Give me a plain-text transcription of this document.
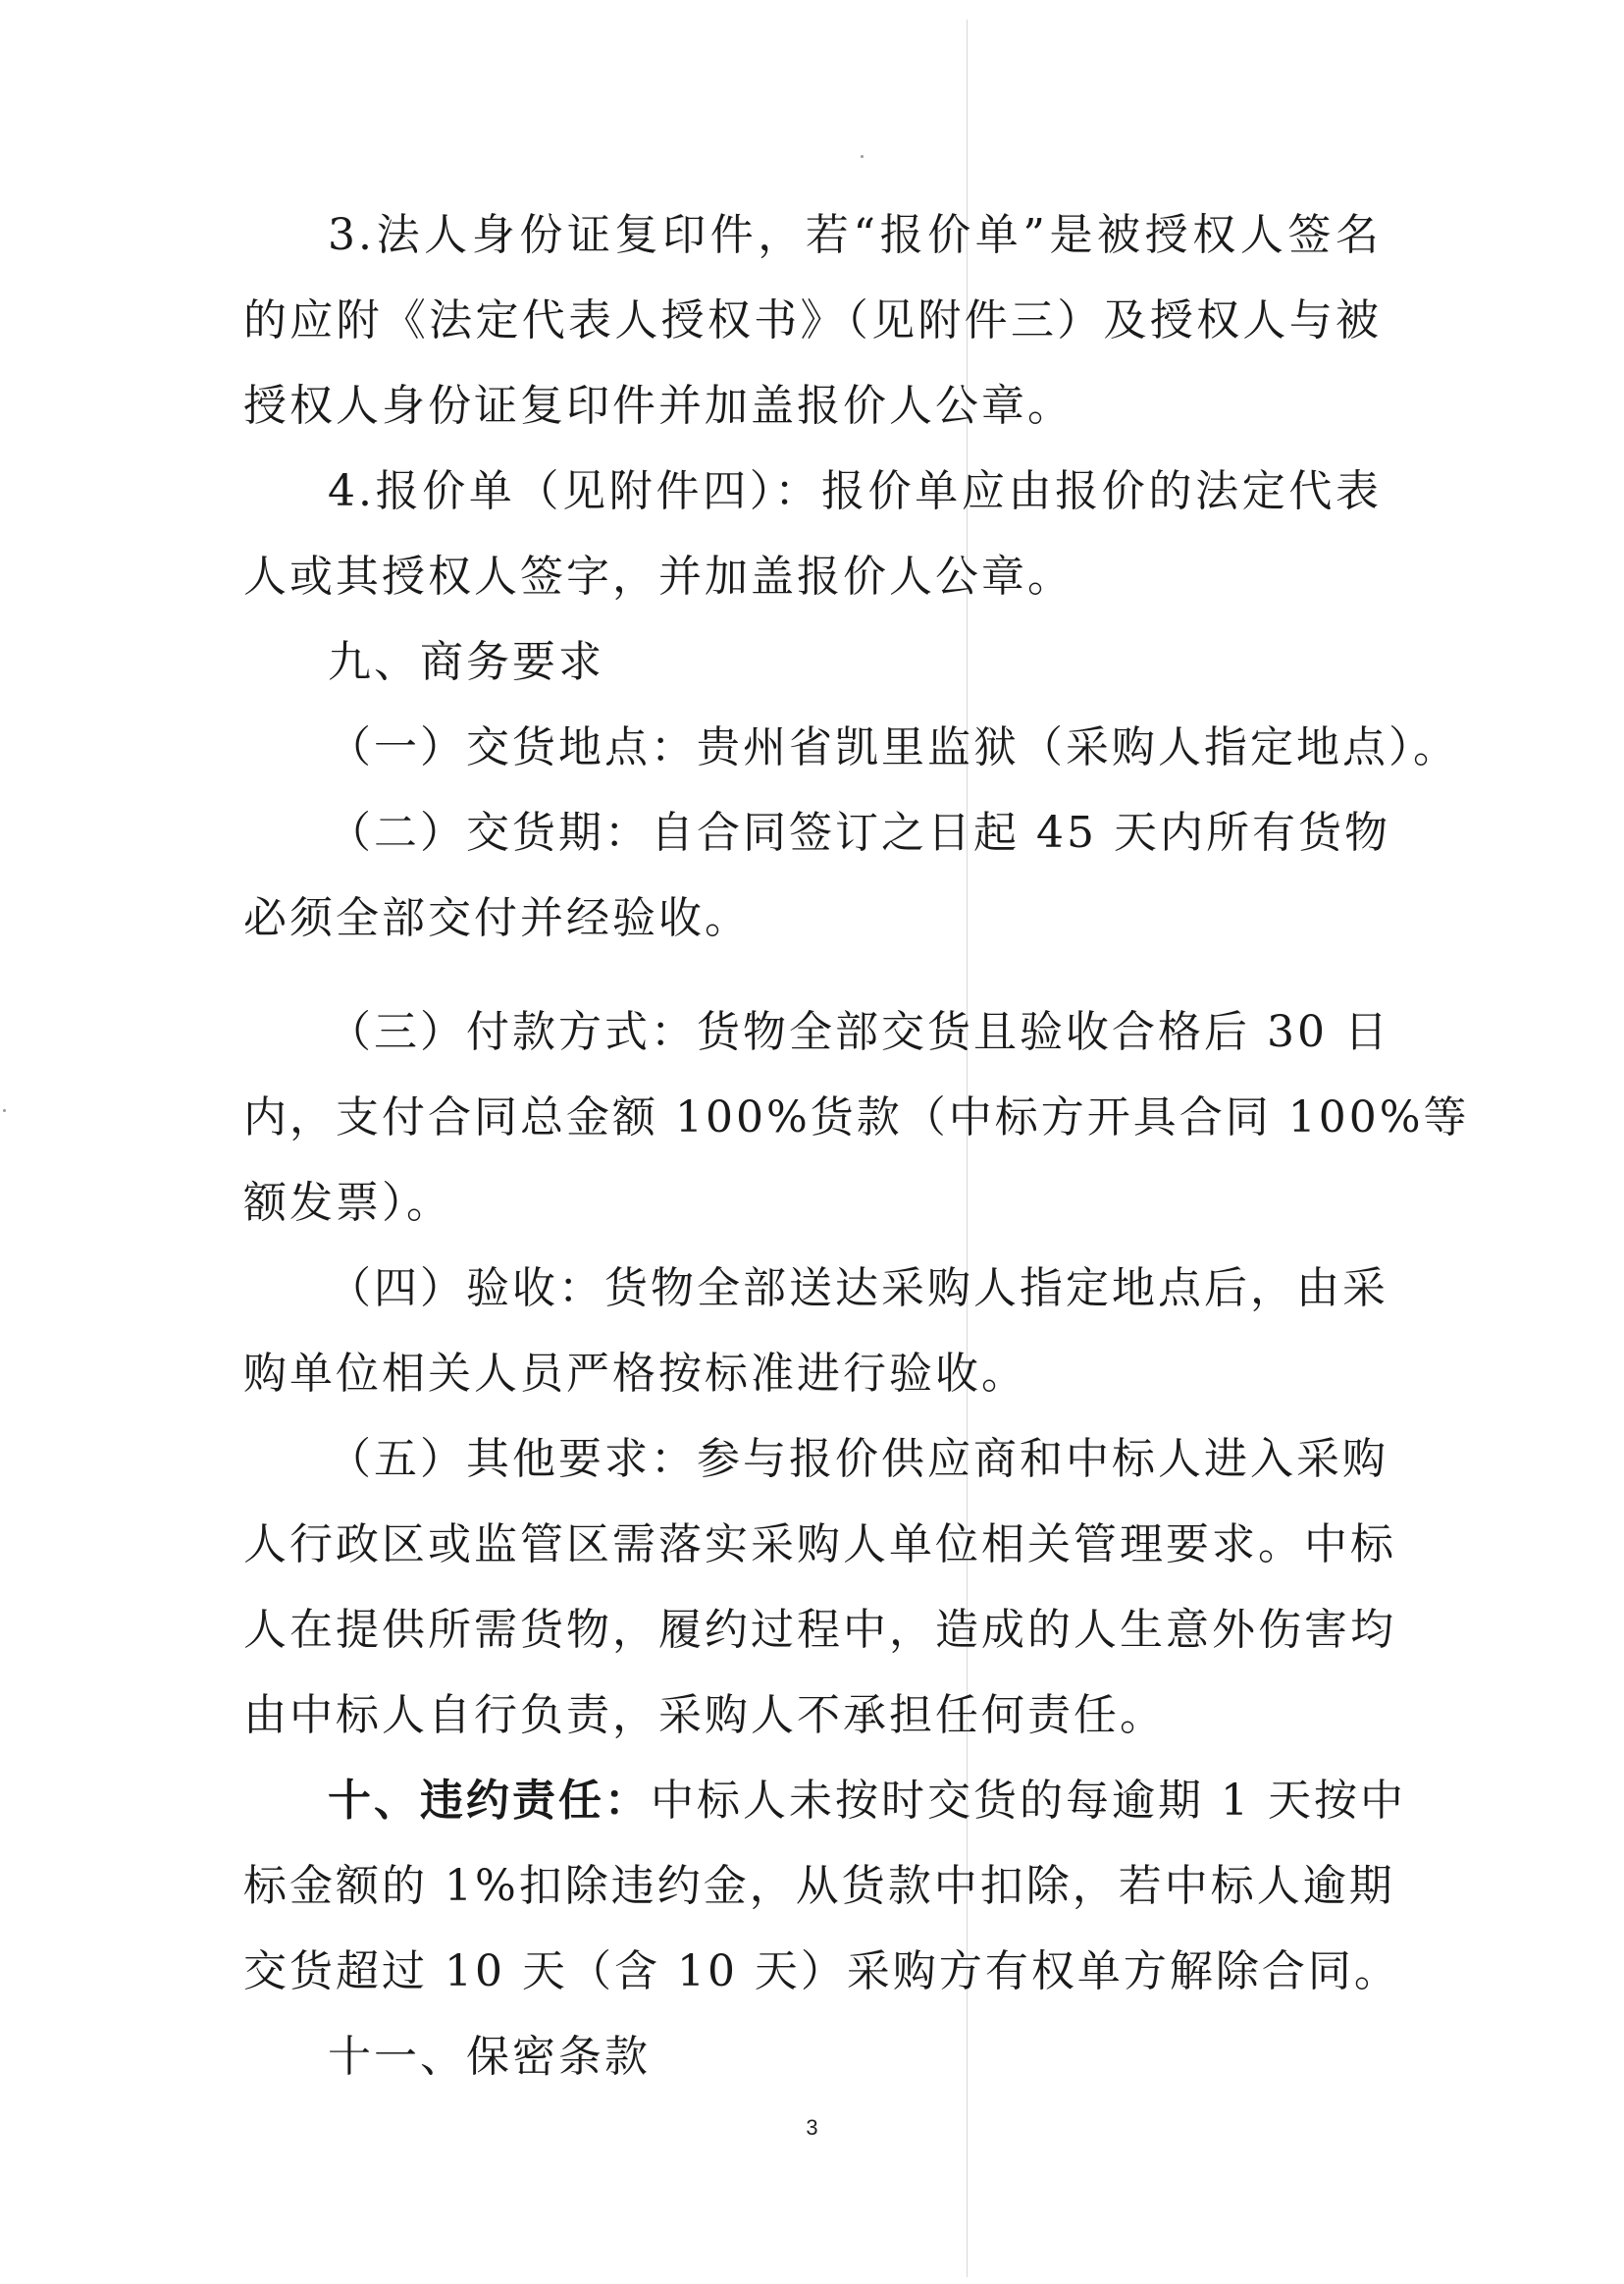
3.法人身份证复印件，若“报价单”是被授权人签名
的应附《法定代表人授权书》（见附件三）及授权人与被
授权人身份证复印件并加盖报价人公章。
4.报价单（见附件四）：报价单应由报价的法定代表
人或其授权人签字，并加盖报价人公章。
九、商务要求
（一）交货地点：贵州省凯里监狱（采购人指定地点）。
（二）交货期：自合同签订之日起 45 天内所有货物
必须全部交付并经验收。
（三）付款方式：货物全部交货且验收合格后 30 日
内，支付合同总金额 100%货款（中标方开具合同 100%等
额发票）。
（四）验收：货物全部送达采购人指定地点后，由采
购单位相关人员严格按标准进行验收。
（五）其他要求：参与报价供应商和中标人进入采购
人行政区或监管区需落实采购人单位相关管理要求。中标
人在提供所需货物，履约过程中，造成的人生意外伤害均
由中标人自行负责，采购人不承担任何责任。
十、违约责任： 中标人未按时交货的每逾期 1 天按中
标金额的 1%扣除违约金，从货款中扣除，若中标人逾期
交货超过 10 天（含 10 天）采购方有权单方解除合同。
十一、保密条款
3
